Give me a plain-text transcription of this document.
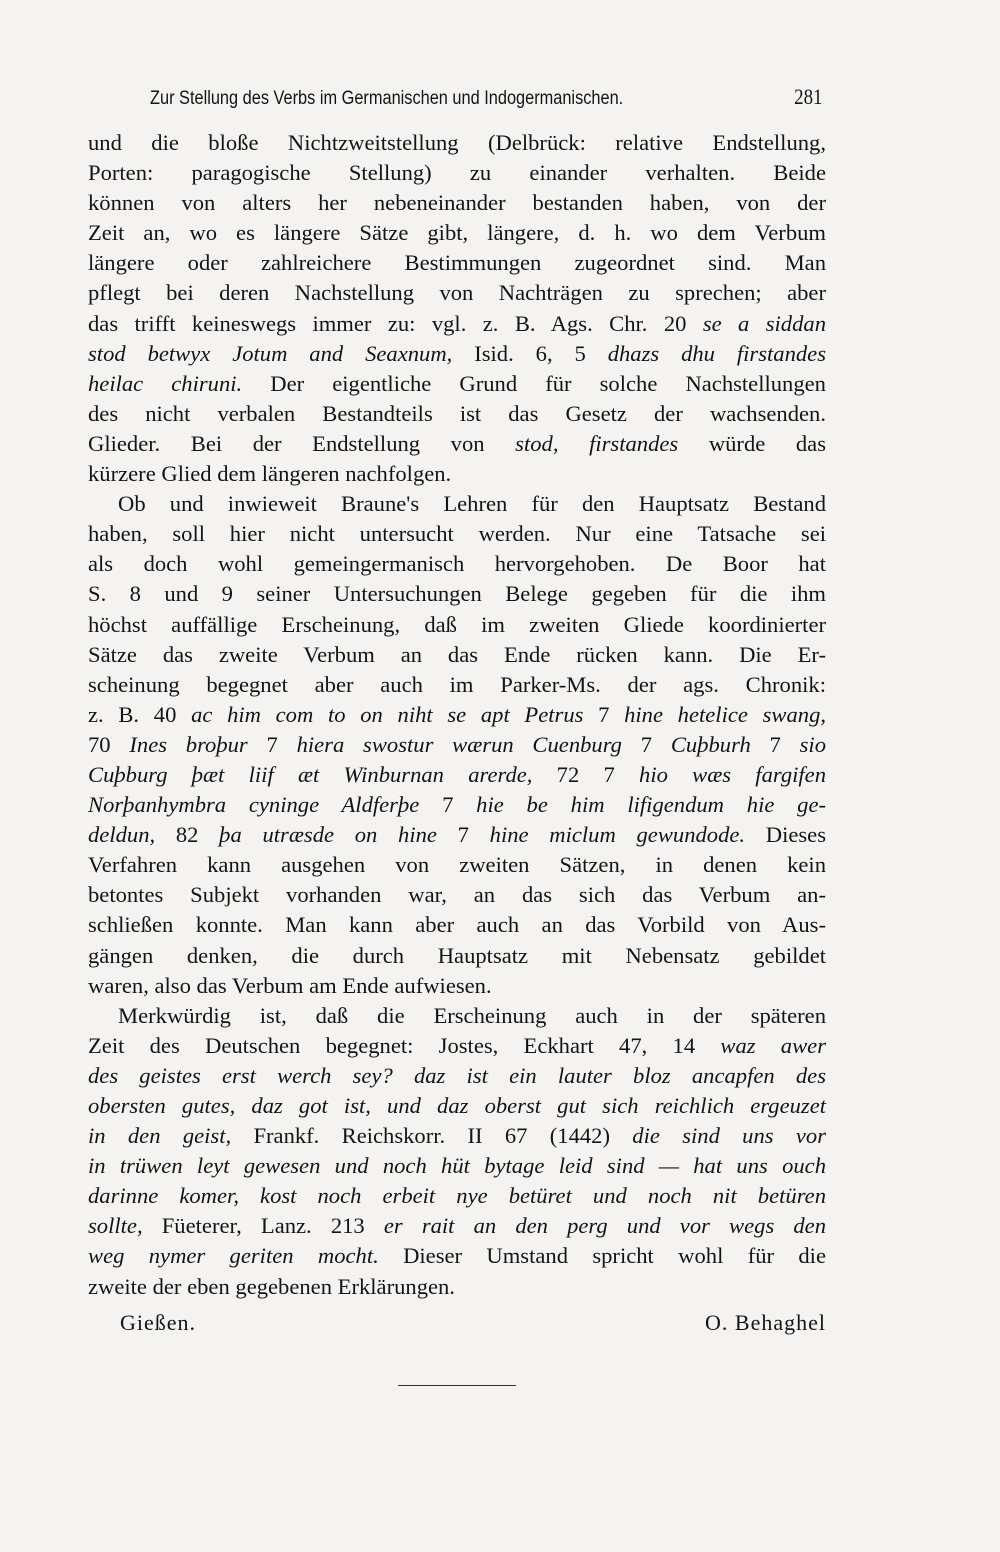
Zur Stellung des Verbs im Germanischen und Indogermanischen.	281
und die bloße Nichtzweitstellung (Delbrück: relative Endstellung,
Porten: paragogische Stellung) zu einander verhalten. Beide
können von alters her nebeneinander bestanden haben, von der
Zeit an, wo es längere Sätze gibt, längere, d. h. wo dem Verbum
längere oder zahlreichere Bestimmungen zugeordnet sind. Man
pflegt bei deren Nachstellung von Nachträgen zu sprechen; aber
das trifft keineswegs immer zu: vgl. z. B. Ags. Chr. 20 se a siddan
stod betwyx Jotum and Seaxnum, Isid. 6, 5 dhazs dhu firstandes
heilac chiruni. Der eigentliche Grund für solche Nachstellungen
des nicht verbalen Bestandteils ist das Gesetz der wachsenden.
Glieder. Bei der Endstellung von stod, firstandes würde das
kürzere Glied dem längeren nachfolgen.
Ob und inwieweit Braune's Lehren für den Hauptsatz Bestand
haben, soll hier nicht untersucht werden. Nur eine Tatsache sei
als doch wohl gemeingermanisch hervorgehoben. De Boor hat
S. 8 und 9 seiner Untersuchungen Belege gegeben für die ihm
höchst auffällige Erscheinung, daß im zweiten Gliede koordinierter
Sätze das zweite Verbum an das Ende rücken kann. Die Er-
scheinung begegnet aber auch im Parker-Ms. der ags. Chronik:
z. B. 40 ac him com to on niht se apt Petrus 7 hine hetelice swang,
70 Ines broþur 7 hiera swostur wærun Cuenburg 7 Cuþburh 7 sio
Cuþburg þæt liif æt Winburnan arerde, 72 7 hio wæs fargifen
Norþanhymbra cyninge Aldferþe 7 hie be him lifigendum hie ge-
deldun, 82 þa utræsde on hine 7 hine miclum gewundode. Dieses
Verfahren kann ausgehen von zweiten Sätzen, in denen kein
betontes Subjekt vorhanden war, an das sich das Verbum an-
schließen konnte. Man kann aber auch an das Vorbild von Aus-
gängen denken, die durch Hauptsatz mit Nebensatz gebildet
waren, also das Verbum am Ende aufwiesen.
Merkwürdig ist, daß die Erscheinung auch in der späteren
Zeit des Deutschen begegnet: Jostes, Eckhart 47, 14 waz awer
des geistes erst werch sey? daz ist ein lauter bloz ancapfen des
obersten gutes, daz got ist, und daz oberst gut sich reichlich ergeuzet
in den geist, Frankf. Reichskorr. II 67 (1442) die sind uns vor
in trüwen leyt gewesen und noch hüt bytage leid sind — hat uns ouch
darinne komer, kost noch erbeit nye betüret und noch nit betüren
sollte, Füeterer, Lanz. 213 er rait an den perg und vor wegs den
weg nymer geriten mocht. Dieser Umstand spricht wohl für die
zweite der eben gegebenen Erklärungen.
Gießen.	O. Behaghel
